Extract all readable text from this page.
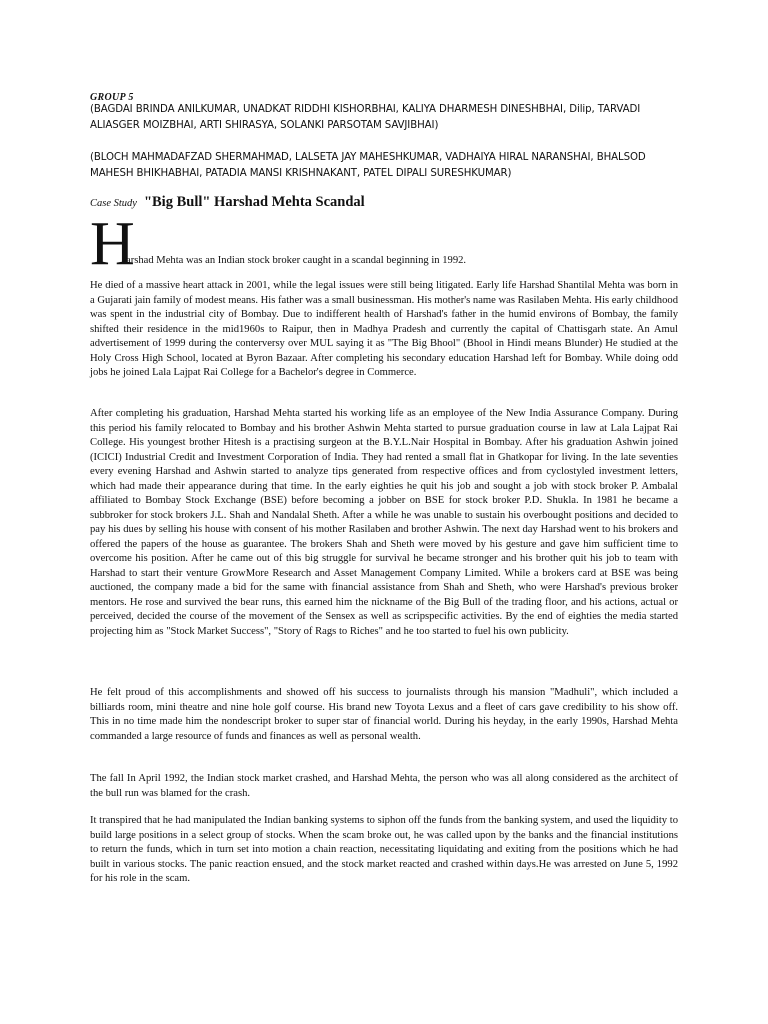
GROUP 5
(BAGDAI BRINDA ANILKUMAR, UNADKAT RIDDHI KISHORBHAI, KALIYA DHARMESH DINESHBHAI, Dilip, TARVADI ALIASGER MOIZBHAI, ARTI SHIRASYA, SOLANKI PARSOTAM SAVJIBHAI)
(BLOCH MAHMADAFZAD SHERMAHMAD, LALSETA JAY MAHESHKUMAR, VADHAIYA HIRAL NARANSHAI, BHALSOD MAHESH BHIKHABHAI, PATADIA MANSI KRISHNAKANT, PATEL DIPALI SURESHKUMAR)
Case Study "Big Bull" Harshad Mehta Scandal
H
arshad Mehta was an Indian stock broker caught in a scandal beginning in 1992.

He died of a massive heart attack in 2001, while the legal issues were still being litigated. Early life Harshad Shantilal Mehta was born in a Gujarati jain family of modest means. His father was a small businessman. His mother's name was Rasilaben Mehta. His early childhood was spent in the industrial city of Bombay. Due to indifferent health of Harshad's father in the humid environs of Bombay, the family shifted their residence in the mid1960s to Raipur, then in Madhya Pradesh and currently the capital of Chattisgarh state. An Amul advertisement of 1999 during the conterversy over MUL saying it as "The Big Bhool" (Bhool in Hindi means Blunder) He studied at the Holy Cross High School, located at Byron Bazaar. After completing his secondary education Harshad left for Bombay. While doing odd jobs he joined Lala Lajpat Rai College for a Bachelor's degree in Commerce.

After completing his graduation, Harshad Mehta started his working life as an employee of the New India Assurance Company. During this period his family relocated to Bombay and his brother Ashwin Mehta started to pursue graduation course in law at Lala Lajpat Rai College. His youngest brother Hitesh is a practising surgeon at the B.Y.L.Nair Hospital in Bombay. After his graduation Ashwin joined (ICICI) Industrial Credit and Investment Corporation of India. They had rented a small flat in Ghatkopar for living. In the late seventies every evening Harshad and Ashwin started to analyze tips generated from respective offices and from cyclostyled investment letters, which had made their appearance during that time. In the early eighties he quit his job and sought a job with stock broker P. Ambalal affiliated to Bombay Stock Exchange (BSE) before becoming a jobber on BSE for stock broker P.D. Shukla. In 1981 he became a subbroker for stock brokers J.L. Shah and Nandalal Sheth. After a while he was unable to sustain his overbought positions and decided to pay his dues by selling his house with consent of his mother Rasilaben and brother Ashwin. The next day Harshad went to his brokers and offered the papers of the house as guarantee. The brokers Shah and Sheth were moved by his gesture and gave him sufficient time to overcome his position. After he came out of this big struggle for survival he became stronger and his brother quit his job to team with Harshad to start their venture GrowMore Research and Asset Management Company Limited. While a brokers card at BSE was being auctioned, the company made a bid for the same with financial assistance from Shah and Sheth, who were Harshad's previous broker mentors. He rose and survived the bear runs, this earned him the nickname of the Big Bull of the trading floor, and his actions, actual or perceived, decided the course of the movement of the Sensex as well as scripspecific activities. By the end of eighties the media started projecting him as "Stock Market Success", "Story of Rags to Riches" and he too started to fuel his own publicity.

He felt proud of this accomplishments and showed off his success to journalists through his mansion "Madhuli", which included a billiards room, mini theatre and nine hole golf course. His brand new Toyota Lexus and a fleet of cars gave credibility to his show off. This in no time made him the nondescript broker to super star of financial world. During his heyday, in the early 1990s, Harshad Mehta commanded a large resource of funds and finances as well as personal wealth.

The fall In April 1992, the Indian stock market crashed, and Harshad Mehta, the person who was all along considered as the architect of the bull run was blamed for the crash.

It transpired that he had manipulated the Indian banking systems to siphon off the funds from the banking system, and used the liquidity to build large positions in a select group of stocks. When the scam broke out, he was called upon by the banks and the financial institutions to return the funds, which in turn set into motion a chain reaction, necessitating liquidating and exiting from the positions which he had built in various stocks. The panic reaction ensued, and the stock market reacted and crashed within days.He was arrested on June 5, 1992 for his role in the scam.
